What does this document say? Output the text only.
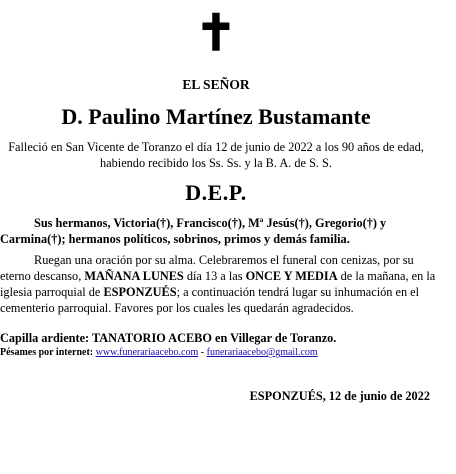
✝
EL SEÑOR
D. Paulino Martínez Bustamante
Falleció en San Vicente de Toranzo el día 12 de junio de 2022 a los 90 años de edad, habiendo recibido los Ss. Ss. y la B. A. de S. S.
D.E.P.
Sus hermanos, Victoria(†), Francisco(†), Mª Jesús(†), Gregorio(†) y Carmina(†); hermanos políticos, sobrinos, primos y demás familia.
Ruegan una oración por su alma. Celebraremos el funeral con cenizas, por su eterno descanso, MAÑANA LUNES día 13 a las ONCE Y MEDIA de la mañana, en la iglesia parroquial de ESPONZUÉS; a continuación tendrá lugar su inhumación en el cementerio parroquial. Favores por los cuales les quedarán agradecidos.
Capilla ardiente: TANATORIO ACEBO en Villegar de Toranzo.
Pésames por internet: www.funerariaacebo.com - funerariaacebo@gmail.com
ESPONZUÉS, 12 de junio de 2022
